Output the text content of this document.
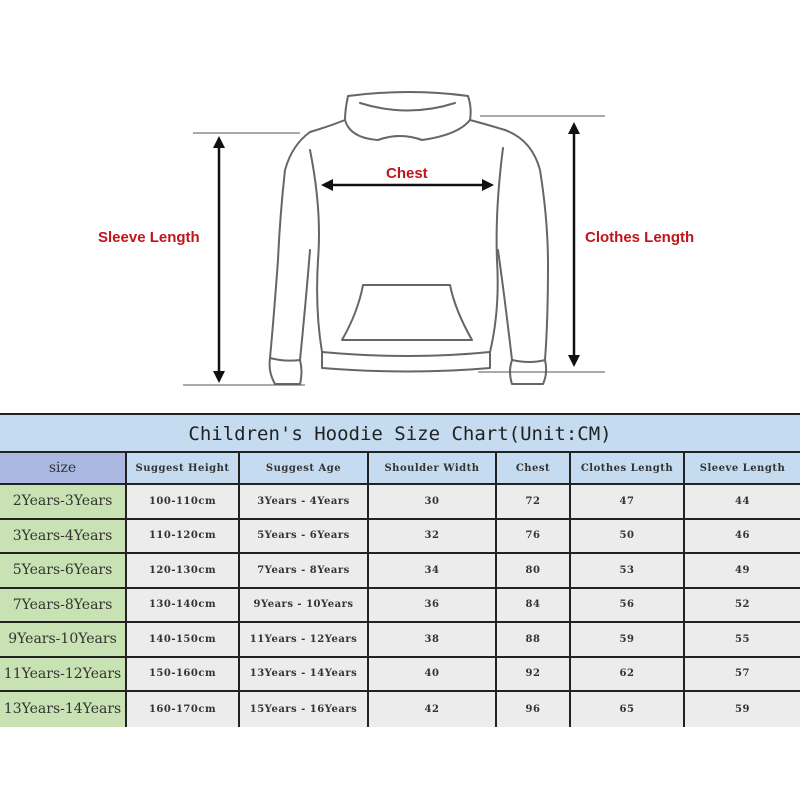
Sleeve Length
Chest
Clothes Length
Children's Hoodie Size Chart(Unit:CM)
size	Suggest Height	Suggest Age	Shoulder Width	Chest	Clothes Length	Sleeve Length
2Years-3Years	100-110cm	3Years - 4Years	30	72	47	44
3Years-4Years	110-120cm	5Years - 6Years	32	76	50	46
5Years-6Years	120-130cm	7Years - 8Years	34	80	53	49
7Years-8Years	130-140cm	9Years - 10Years	36	84	56	52
9Years-10Years	140-150cm	11Years - 12Years	38	88	59	55
11Years-12Years	150-160cm	13Years - 14Years	40	92	62	57
13Years-14Years	160-170cm	15Years - 16Years	42	96	65	59
